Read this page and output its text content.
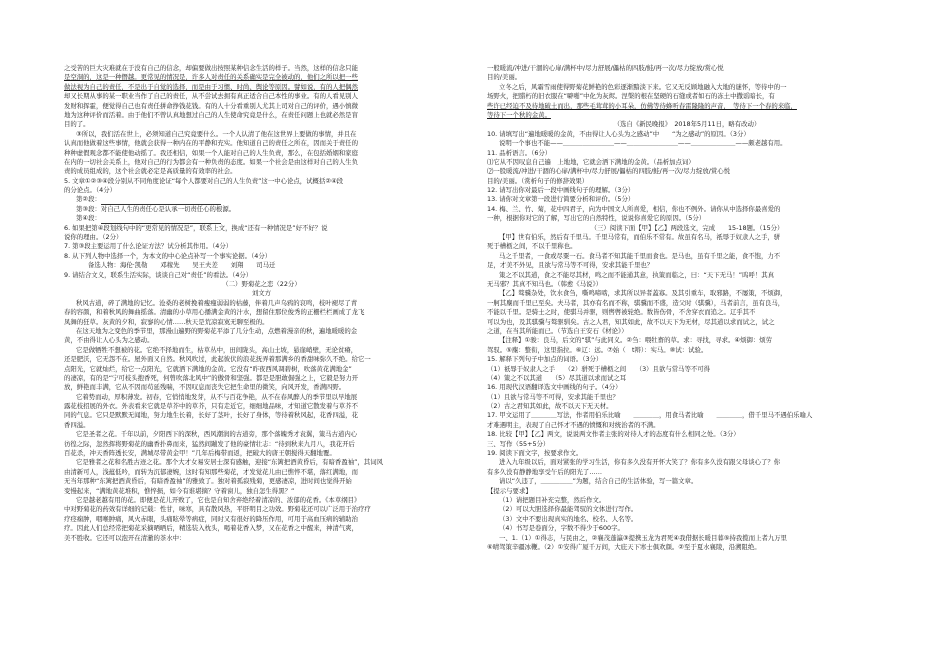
之受苦的巨大灾难就在于没有自己的信念，却偏要做出按照某种信念生活的样子。当然，这样的信念只能
是空洞的，这是一种僭越。更常见的情况是，许多人对责任的关系确实是完全被动的，他们之所以把一些
做法视为自己的责任，不是出于自觉的选择，而是由于习惯、时尚、舆论等原因。譬如说，有的人把偶然
却又长期从事的某一职业当作了自己的责任，从不尝试去拥有真正适合自己本性的事业。有的人看见别人
发财和挥霍，便觉得自己也有责任拼命挣钱花钱。有的人十分看重别人尤其上司对自己的评价，遇小慎微
地为这种评价而活着。由于他们不曾认真地想过自己的人生使命究竟是什么，在责任问题上也就必然是盲
目的了。
③所以，我们活在世上，必须知道自己究竟要什么。一个人认清了他在这世界上要做的事情，并且在
认真而他做着这些事情，他就会获得一种内在的平静和充实。他知道自己的责任之所在，因而关于责任的
种种虚假观念都不能使他动摇了。我还相信，如果一个人能对自己的人生负责，那么，在包括婚姻和家庭
在内的一切社会关系上，他对自己的行为都会有一种负责的态度。如果一个社会是由这样对自己的人生负
责的成员组成的，这个社会就必定是高质量的有效率的社会。
5. 文章①②③④段分别从不同角度论证“每个人都要对自己的人生负责”这一中心论点，试概括②④段
的分论点。（4分）
第②段：
第③段：对自己人生的责任心是认承一切责任心的根源。
第④段：
6. 如果把第④段划线句中的“更常见的情况是”，联系上文，换成“还有一种情况是”好不好？说
说你的理由。（2分）
7. 第③段主要运用了什么论证方法？试分析其作用。（4分）
8. 从下列人物中选择一个，为本文的中心论点补写一个事实论据。（4分）
备选人物：海伦·凯勒　　邓稼先　　吴王夫差　　刘翔　　司马迁
9. 请结合文义，联系生活实际，谈谈自己对“责任”的看法。（4分）
（二）野菊花之恋（22分）
刘文方
秋风古道，碎了满地的记忆。沧桑的老树挽着瘦瘦弱弱的枯藤，伴着几声乌鸦的哀鸣，枝叶褪尽了青
春的容颜，和着秋风的舞曲摇落。清幽的小草用心播满金黄的汁水，想留住那位俊秀的正栅栏栏画成了龙飞
凤舞的狂草。灰黄的夕和，寂寥的心情……秋天是荒凉寂寞无聊至极的。
在这天地为之变色的季节里，那漫山遍野的野菊花平添了几分生动，点燃着漫亲的秋，遍地暖暖的金
黄，不由得让人心头为之感动。
它是做牺牲不想被的花。它绝不择地而生，枯草丛中，田间陇头，高山土坡，悬崖峭壁，无论贫瘠，
还是肥沃，它无怨不在。屋外面又自然。秋风吹过，此起彼伏的浪花抚弄着那满乡的香甜味弥久不绝。给它一
点阳光，它就灿烂，给它一点阳光，它就洒下满地的金黄。它没有“昨夜西风凋碧树，吹落黄花满地金”
的凄凉，有的是“宁可枝头抱香死，何曾吹落北风中”的傲骨和坚强。都是是胆敢倔强之上，它毅是努力开
放，鲜艳而丰满，它从不因而苟延残喘，不因叹息而丧失它把生命里的微笑，向风开发，香满四野。
它着势而动，厚积薄发。初春，它悄悄地发芽，从不与百花争艳，从不在春风醉人的季节里以早地展
露花枝招展的外衣。外表看来它就是草芥中的草芥，只有走近它，细细地品味，才知道它散发着与草芥不
同的气息。它只是默默无闻地，努力地生长着，长好了茎叶，长好了身体，等待着秋风起，花香四溢，花
香四溢。
它是圣者之花。千年以前，夕阳西下的深秋，西风潮润的古道旁，那个落魄秀才袁翼，策马古道内心
彷徨之际，忽然挥将野菊花的幽香扑鼻而来，猛然间蹦发了他的豪情壮志：“待到秋来九月八，我花开后
百花杀，冲天香阵透长安，满城尽带黄金甲！”几年后梅带而返，把破大的唐王朝搅得天翻地覆。
它是雅者之花和名胜古迹之花。那个大才女易安居士深有感触，迎接“东篱把酒黄昏后，有暗香盈袖”，其词风
由清新可人，浅蕴低吟，而转为沉郁凄婉，这时有知那些菊花，才发觉花儿由已憔悴不堪，落红满地，而
无当年那种“东篱把酒黄昏后，有暗香盈袖”的雅致了。独对着孤寂残菊，更感凄凉，进时间也觉得开始
变慢起来，“满地黄花堆积，憔悴损，如今有谁堪摘？守着窗儿，独自怎生得黑？”
它是越老越有用的花。即便是花儿开败了，它也是自知舍弃绝经着清凉的、浓郁的花香。《本草纲目》
中对野菊花的药效有详细的记载：性甘，味寒，具有散风热，平肝明目之功效。野菊花还可以广泛用于治疗疗
疗痉痫肿，咽喉肿痛，风火赤眼，头痛眩晕等病症，同时又有很好的降压作用，可用于高血压病的辅助治
疗。因此人们总经常把菊花采摘晒晒后，精选装入枕头，喝着花香入梦，又在花香之中醒来，神清气爽，
美不胜收。它还可以泡开在清澈的茶水中：
一般暖流/冲进/干涸的心扉/满杯中/尽力舒展/儡枯的四肢/鲑/再一次/尽力绽放/赏心悦
目的/美丽。
立冬之后，风霜雪雨使得野菊花鲜艳的色彩逐渐黯淡下来。它又无反顾地融入大地的谜怀，等待中的一
场野火，把腊朽的旧衣服在“噼啪”中化为灰烬。涅槃的根在坚硬的石缝或者如石的冻土中撒谣暗长，有
些许已经迫不及待地破土而出，那些毛茸茸的小耳朵，仿佛等待蜂听春雷隆隆的声音，　等待下一个春的来临，
等待下一个秋的金黄。
（选自《新民晚报》　2018年5月11日，略有改动）
10. 请填写出“遍地暖暖的金黄，不由得让人心头为之感动”中　　“为之感动”的原因。（3分）
说明一个事也不能——＿＿＿＿＿＿＿＿——＿＿＿＿＿＿＿＿——＿＿＿＿＿＿＿——颇老越有用。
11. 品析语言。（6分）
⑴它从不因叹息自己遍　上地地，它就会洒下满地的金黄。（品析加点词）
⑵一股暖流/冲进/干涸的心扉/满杯中/尽力舒展/儡枯的四肢/鲑/再一次/尽力绽放/赏心悦
目的/美丽。（赏析句子的修辞效果）
12. 请写出你对最后一段中画线句子的理解。（3分）
13. 请你对文章第一段进行简要分析和评价。（5分）
14. 梅、兰、竹、菊，花中四君子，向为中国文人所喜爱，相信，你也不例外。请你从中选择你最喜爱的
一种，根据你对它的了解，写出它的自然特性，说说你喜爱它的原因。（5分）
（三）阅读下面【甲】【乙】两段选文，完成　　15-18题。（15分）
【甲】世有伯乐，然后有千里马。千里马常有，而伯乐不常有。故虽有名马，祇辱于奴隶人之手，骈
死于槽枥之间，不以千里称也。
马之千里者，一食或尽粟一石。食马者不知其能千里而食也。是马也，虽有千里之能，食不饱，力不
足，才美不外见，且欲与常马等不可得，安求其能千里也？
策之不以其道，食之不能尽其材，鸣之而不能通其意，执策而临之，曰：“天下无马！”呜呼！其真
无马邪？其真不知马也。（韩愈《马说》）
【乙】骜骥杂处，饮水食刍，嘶鸣啼啮，求其所以异者蓋寡。及其引重车，取邪路，不屡策，不烦御，
一舸其麇而千里已至矣。夫马者，其亦有名而不称，骐骥而不盛，造父时（骐骥），马者前言，虽有良马，
不能以千里。是骑士之时，使骐马并驱，则辔辔被轮绝。数皆伤骨，不舍穿衣而追之。辽乎其不
可以为也，及其骐骥与骜驱驯矣。古之人君，知其如此，故不以天下为无材，尽其道以求而试之，试之
之道，在当其所能而已。（节选自王安石《材论》）
【注释】①骏：良马，后文的“骐”与此同义。②刍：喂牡畜的草。求：寻找，寻求。④烦御：烦劳
驾驭。⑤麇：整衔，这里指拉。⑥辽：远。⑦始（　t辩）：实马。⑧试：试验。
15. 解释下列句子中加点的词语。（3分）
（1）祇辱于奴隶人之手　　（2）骈死于槽枥之间　　（3）且欲与常马等不可得
（4）策之不以其道　　（5）尽其道以求而试之耳
16. 用现代汉语翻译选文中画线的句子。（4分）
（1）且欲与常马等不可得，安求其能千里也？
（2）古之君知其如此，故不以天下无天材。
17. 甲文运用了＿＿＿＿写法，作者用伯乐比喻　　＿＿＿＿，用食马者比喻　　＿＿＿＿，借千里马不遇伯乐喻人
才难遇明主，表现了自己怀才不遇的愤慨和对统治者的不满。
18. 比较【甲】【乙】两文，说说两文作者主张的对待人才的态度有什么相同之处。（3分）
三、写作（55+5分）
19. 阅读下面文字，按要求作文。
进入九年级以后，面对紧张的学习生活，你有多久没有开怀大笑了？你有多久没有跟父母谈心了？你
有多久没有静静地享受午后的阳光了……
请以“久违了，＿＿＿＿＿”为题，结合自己的生活体验，写一篇文章。
【提示与要求】
（1）请把题目补充完整，然后作文。
（2）可以大胆选择你最能驾驭的文体进行写作。
（3）文中不要出现真实的地名、校名、人名等。
（4）书写是卷面分，字数不得少于600字。
一、1.（1）①得志，与民由之，②襄茂蓬瀛③提携玉龙为君死④我借据长暖目暮⑤持我揽而上者九万里
⑥晴驾策辛疆冰鞭。（2）①安得广厦千万间，大庇天下寒士俱欢颜。②至于夏水襄陵，沿溯阻绝。
